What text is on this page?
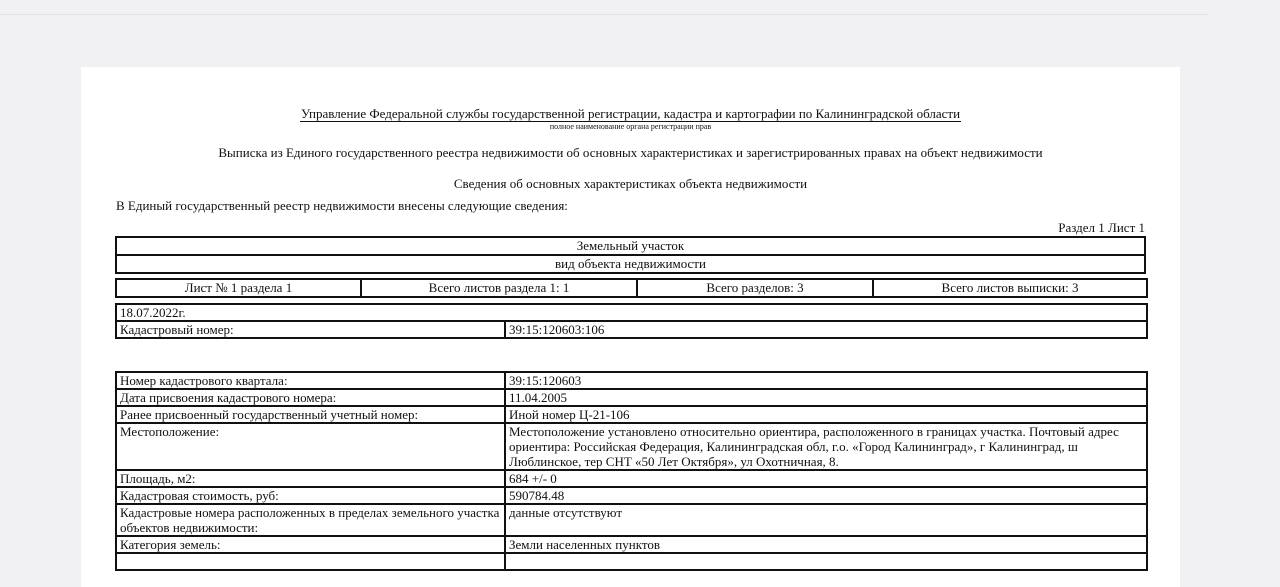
Управление Федеральной службы государственной регистрации, кадастра и картографии по Калининградской области
полное наименование органа регистрации прав
Выписка из Единого государственного реестра недвижимости об основных характеристиках и зарегистрированных правах на объект недвижимости
Сведения об основных характеристиках объекта недвижимости
В Единый государственный реестр недвижимости внесены следующие сведения:
Раздел 1 Лист 1
Земельный участок
вид объекта недвижимости
Лист № 1 раздела 1	Всего листов раздела 1: 1	Всего разделов: 3	Всего листов выписки: 3
18.07.2022г.
Кадастровый номер:	39:15:120603:106
Номер кадастрового квартала:	39:15:120603
Дата присвоения кадастрового номера:	11.04.2005
Ранее присвоенный государственный учетный номер:	Иной номер Ц-21-106
Местоположение:	Местоположение установлено относительно ориентира, расположенного в границах участка. Почтовый адрес ориентира: Российская Федерация, Калининградская обл, г.о. «Город Калининград», г Калининград, ш Люблинское, тер СНТ «50 Лет Октября», ул Охотничная, 8.
Площадь, м2:	684 +/- 0
Кадастровая стоимость, руб:	590784.48
Кадастровые номера расположенных в пределах земельного участка объектов недвижимости:	данные отсутствуют
Категория земель:	Земли населенных пунктов
